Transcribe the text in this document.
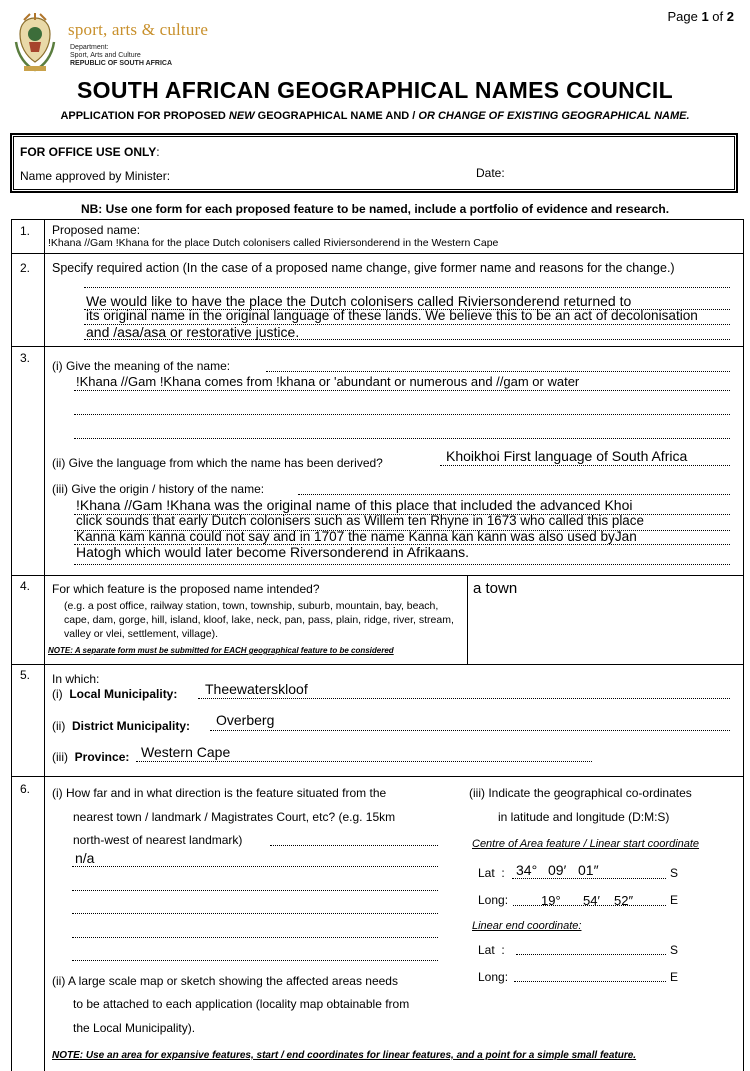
Page 1 of 2
sport, arts & culture
Department:
Sport, Arts and Culture
REPUBLIC OF SOUTH AFRICA
SOUTH AFRICAN GEOGRAPHICAL NAMES COUNCIL
APPLICATION FOR PROPOSED NEW GEOGRAPHICAL NAME AND / OR CHANGE OF EXISTING GEOGRAPHICAL NAME.
FOR OFFICE USE ONLY:
Name approved by Minister:	Date:
NB: Use one form for each proposed feature to be named, include a portfolio of evidence and research.
1. Proposed name:
!Khana //Gam !Khana for the place Dutch colonisers called Riviersonderend in the Western Cape
2. Specify required action (In the case of a proposed name change, give former name and reasons for the change.)
We would like to have the place the Dutch colonisers called Riviersonderend returned to
its original name in the original language of these lands. We believe this to be an act of decolonisation
and /asa/asa or restorative justice.
3.
(i) Give the meaning of the name:
!Khana //Gam !Khana comes from !khana or 'abundant or numerous and //gam or water
(ii) Give the language from which the name has been derived?	Khoikhoi First language of South Africa
(iii) Give the origin / history of the name:
!Khana //Gam !Khana was the original name of this place that included the advanced Khoi
click sounds that early Dutch colonisers such as Willem ten Rhyne in 1673 who called this place
Kanna kam kanna could not say and in 1707 the name Kanna kan kann was also used byJan
Hatogh which would later become Riversonderend in Afrikaans.
4. For which feature is the proposed name intended?
(e.g. a post office, railway station, town, township, suburb, mountain, bay, beach, cape, dam, gorge, hill, island, kloof, lake, neck, pan, pass, plain, ridge, river, stream, valley or vlei, settlement, village).
NOTE: A separate form must be submitted for EACH geographical feature to be considered
a town
5. In which:
(i) Local Municipality: Theewaterskloof
(ii) District Municipality: Overberg
(iii) Province: Western Cape
6. (i) How far and in what direction is the feature situated from the
nearest town / landmark / Magistrates Court, etc? (e.g. 15km
north-west of nearest landmark)
n/a
(ii) A large scale map or sketch showing the affected areas needs
to be attached to each application (locality map obtainable from
the Local Municipality).
(iii) Indicate the geographical co-ordinates
in latitude and longitude (D:M:S)
Centre of Area feature / Linear start coordinate
Lat : 34° 09′ 01″	S
Long:	19° 54′ 52″	E
Linear end coordinate:
Lat :	S
Long:	E
NOTE: Use an area for expansive features, start / end coordinates for linear features, and a point for a simple small feature.
